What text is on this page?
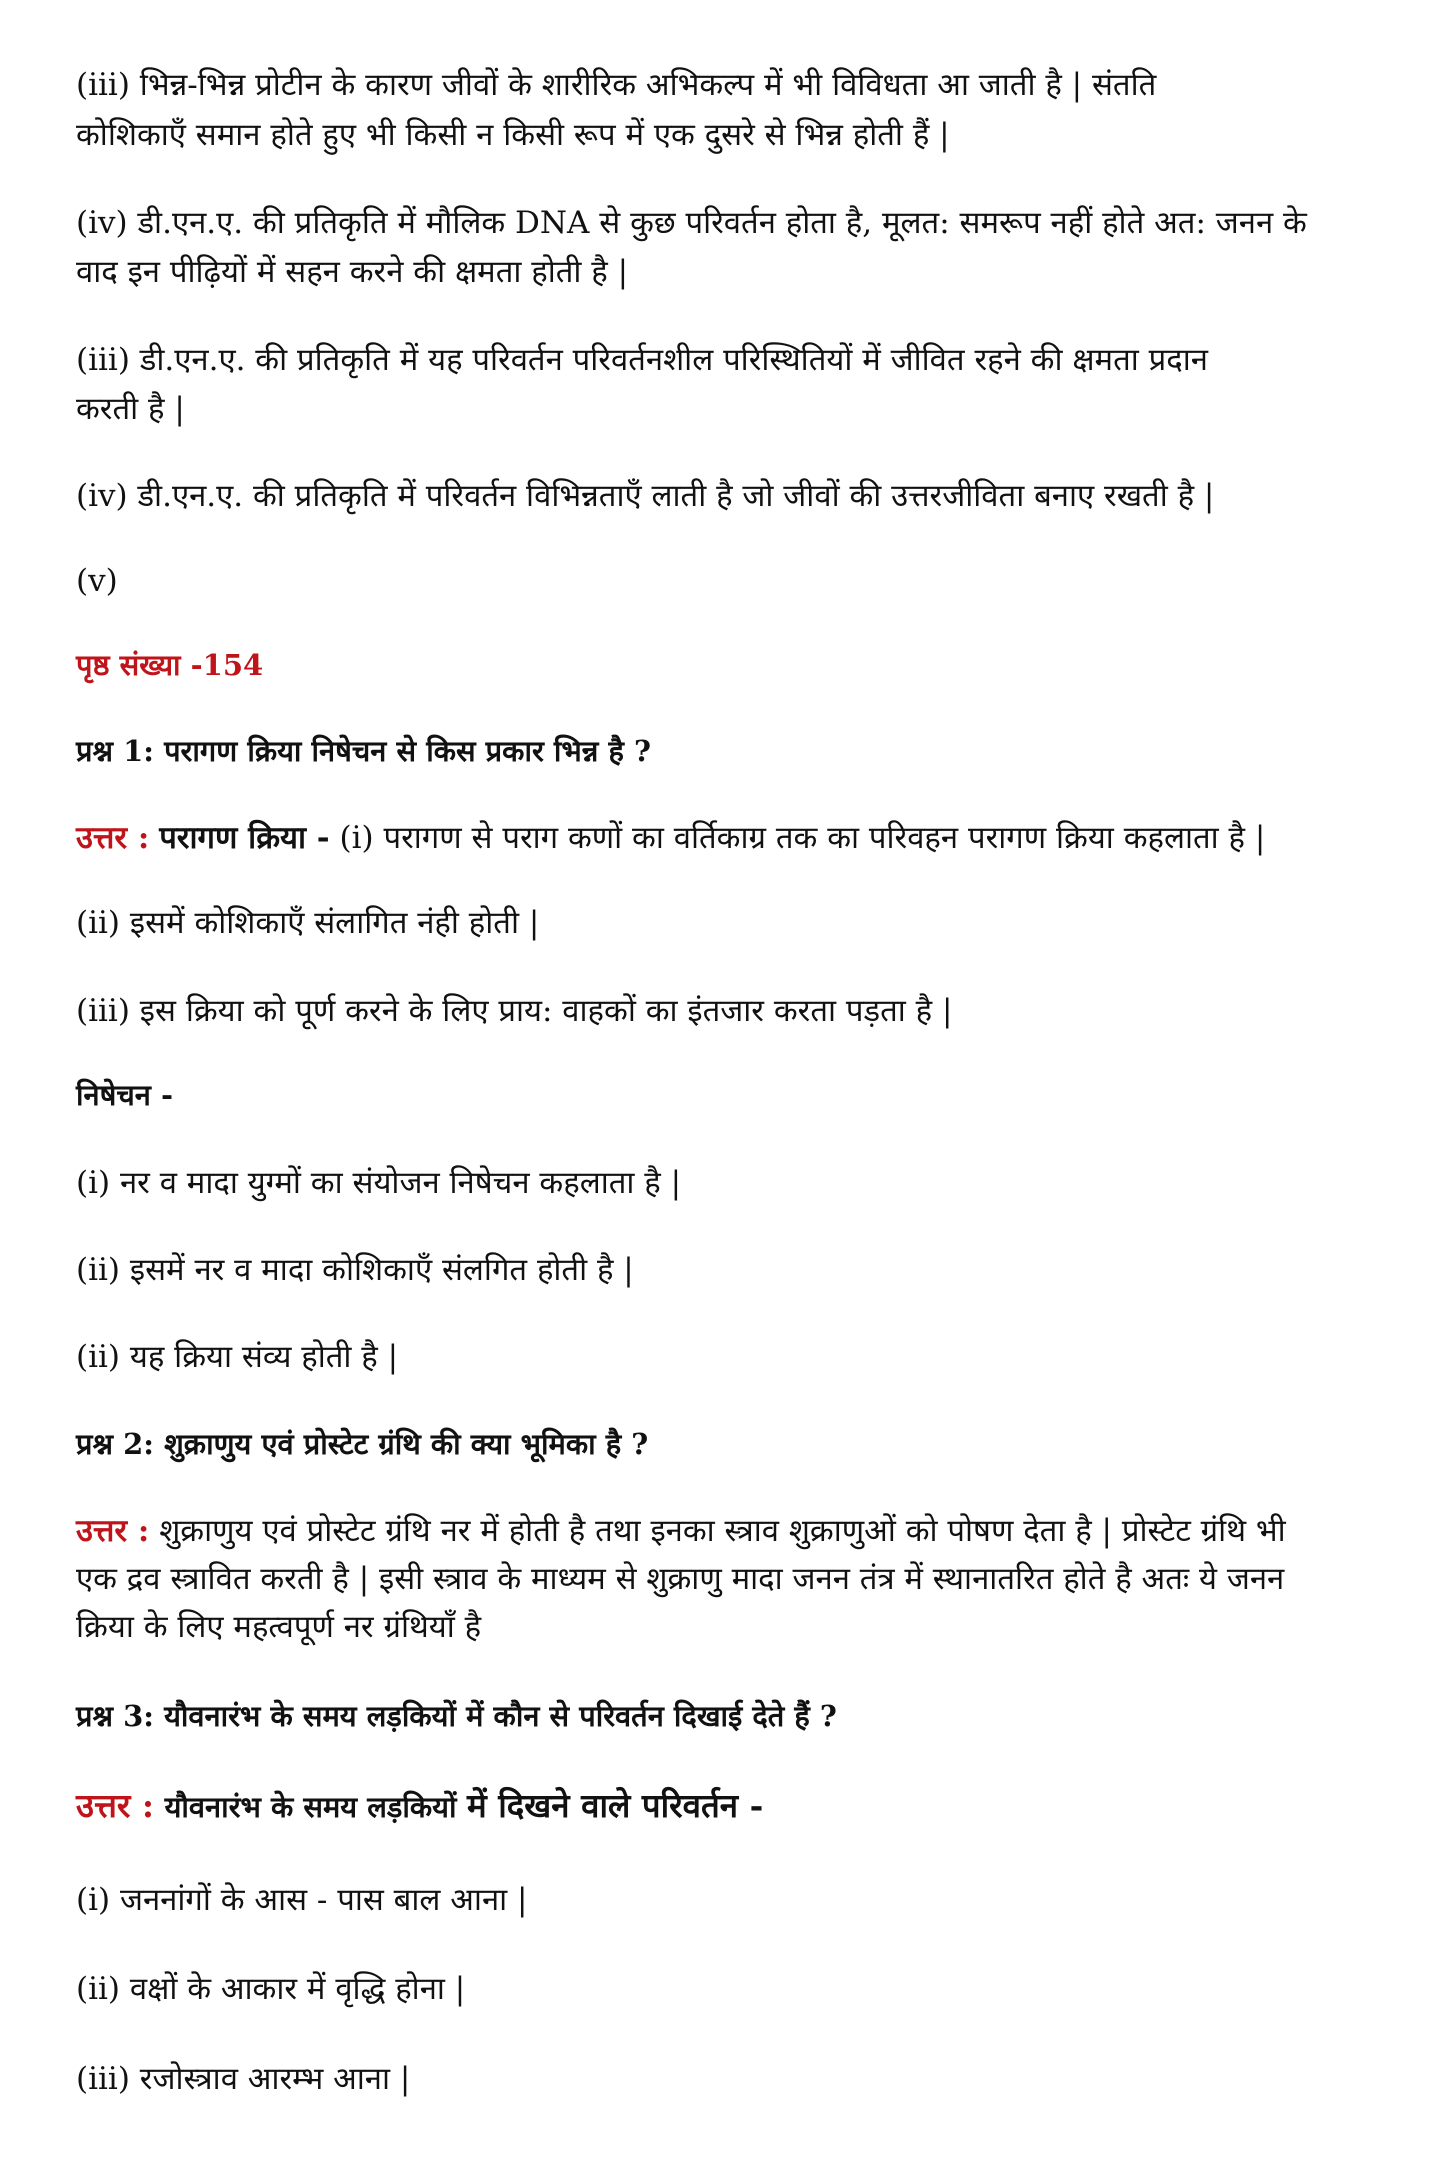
(iii) भिन्न-भिन्न प्रोटीन के कारण जीवों के शारीरिक अभिकल्प में भी विविधता आ जाती है | संतति
कोशिकाएँ समान होते हुए भी किसी न किसी रूप में एक दुसरे से भिन्न होती हैं |
(iv) डी.एन.ए. की प्रतिकृति में मौलिक DNA से कुछ परिवर्तन होता है, मूलत: समरूप नहीं होते अत: जनन के
वाद इन पीढ़ियों में सहन करने की क्षमता होती है |
(iii) डी.एन.ए. की प्रतिकृति में यह परिवर्तन परिवर्तनशील परिस्थितियों में जीवित रहने की क्षमता प्रदान
करती है |
(iv) डी.एन.ए. की प्रतिकृति में परिवर्तन विभिन्नताएँ लाती है जो जीवों की उत्तरजीविता बनाए रखती है |
(v)
पृष्ठ संख्या -154
प्रश्न 1: परागण क्रिया निषेचन से किस प्रकार भिन्न है ?
उत्तर : परागण क्रिया - (i) परागण से पराग कणों का वर्तिकाग्र तक का परिवहन परागण क्रिया कहलाता है |
(ii) इसमें कोशिकाएँ संलागित नंही होती |
(iii) इस क्रिया को पूर्ण करने के लिए प्राय: वाहकों का इंतजार करता पड़ता है |
निषेचन -
(i) नर व मादा युग्मों का संयोजन निषेचन कहलाता है |
(ii) इसमें नर व मादा कोशिकाएँ संलगित होती है |
(ii) यह क्रिया संव्य होती है |
प्रश्न 2: शुक्राणुय एवं प्रोस्टेट ग्रंथि की क्या भूमिका है ?
उत्तर : शुक्राणुय एवं प्रोस्टेट ग्रंथि नर में होती है तथा इनका स्त्राव शुक्राणुओं को पोषण देता है | प्रोस्टेट ग्रंथि भी
एक द्रव स्त्रावित करती है | इसी स्त्राव के माध्यम से शुक्राणु मादा जनन तंत्र में स्थानातरित होते है अतः ये जनन
क्रिया के लिए महत्वपूर्ण नर ग्रंथियाँ है
प्रश्न 3: यौवनारंभ के समय लड़कियों में कौन से परिवर्तन दिखाई देते हैं ?
उत्तर : यौवनारंभ के समय लड़कियों में दिखने वाले परिवर्तन -
(i) जननांगों के आस - पास बाल आना |
(ii) वक्षों के आकार में वृद्धि होना |
(iii) रजोस्त्राव आरम्भ आना |
